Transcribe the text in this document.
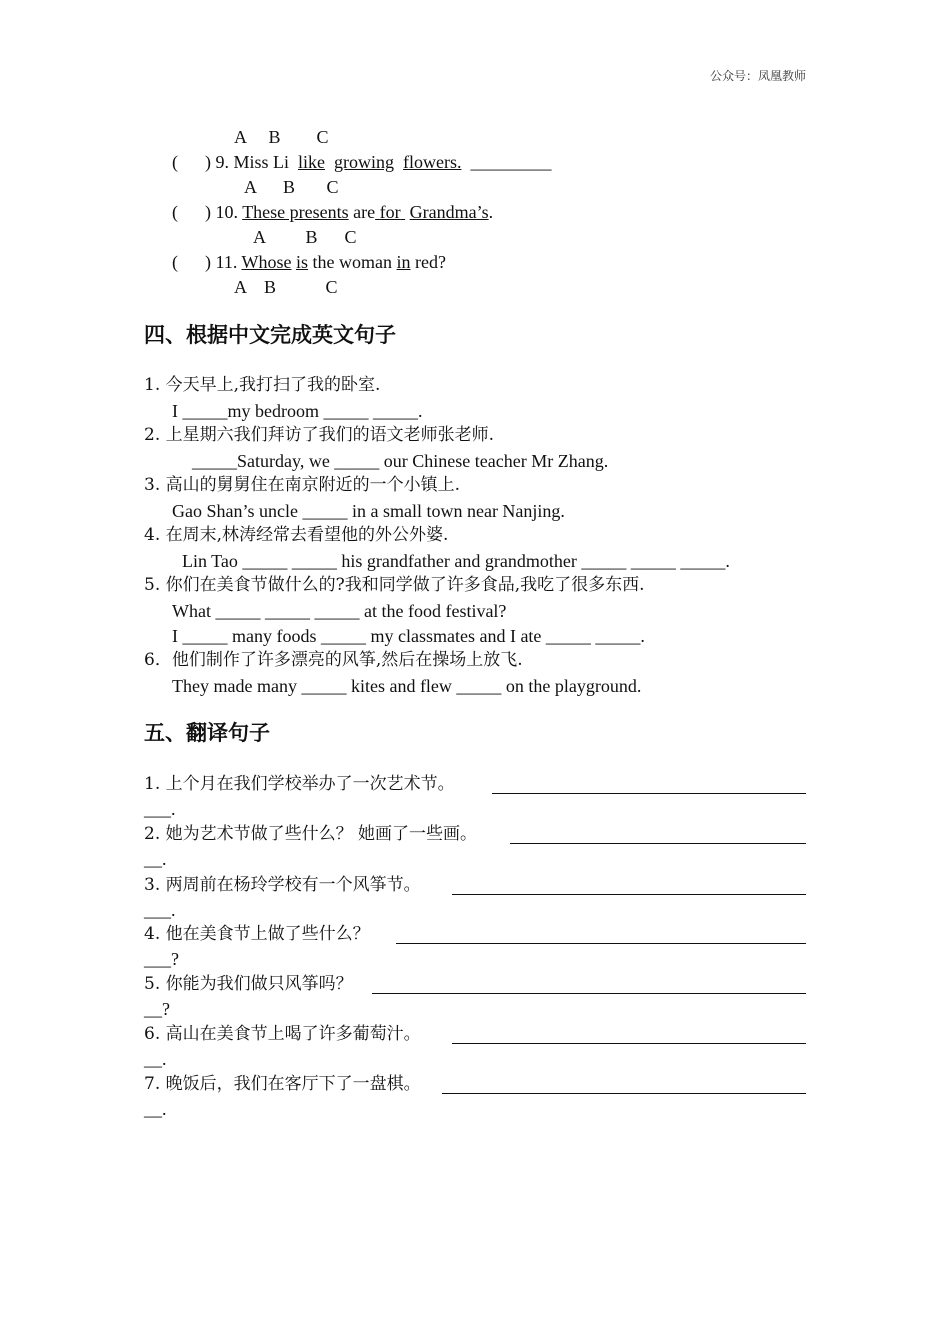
公众号：凤凰教师
A     B        C
(      ) 9. Miss Li like growing flowers. _________
A      B       C
(      ) 10. These presents are for Grandma’s.
A         B      C
(      ) 11. Whose is the woman in red?
A    B           C
四、根据中文完成英文句子
1. 今天早上,我打扫了我的卧室.
I _____my bedroom _____ _____.
2. 上星期六我们拜访了我们的语文老师张老师.
_____Saturday, we _____ our Chinese teacher Mr Zhang.
3. 高山的舅舅住在南京附近的一个小镇上.
Gao Shan’s uncle _____ in a small town near Nanjing.
4. 在周末,林涛经常去看望他的外公外婆.
Lin Tao _____ _____ his grandfather and grandmother _____ _____ _____.
5. 你们在美食节做什么的?我和同学做了许多食品,我吃了很多东西.
What _____ _____ _____ at the food festival?
I _____ many foods _____ my classmates and I ate _____ _____.
6．他们制作了许多漂亮的风筝,然后在操场上放飞.
They made many _____ kites and flew _____ on the playground.
五、翻译句子
1. 上个月在我们学校举办了一次艺术节。
___.
2. 她为艺术节做了些什么？ 她画了一些画。
__.
3. 两周前在杨玲学校有一个风筝节。
___.
4. 他在美食节上做了些什么？
___?
5. 你能为我们做只风筝吗？
__?
6. 高山在美食节上喝了许多葡萄汁。
__.
7. 晚饭后，我们在客厅下了一盘棋。
__.
